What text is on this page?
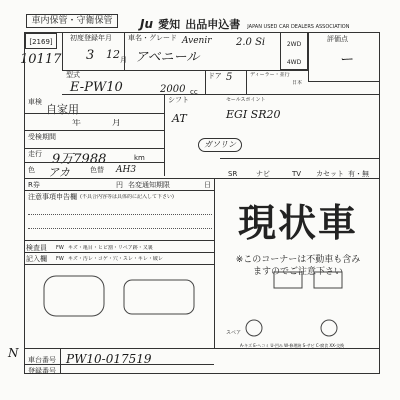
車内保管・守衛保管	Ju 愛知 出品申込書 JAPAN USED CAR DEALERS ASSOCIATION
[2169]
10117
初度登録年月
3 12 月
車名・グレード Avenir
アベニール
2.0 Si	2WD
4WD
評価点
ー
型式
E-PW10	2000 cc
ドア 5	ディーラー・並行
日本
車検
自家用
年	月
受検期間
走行 9万7988	km
色 アカ	色替 AH3
シフト
AT
セールスポイント
EGI SR20
ガソリン
SR	ナビ	TV カセット 有・無
R券	円 名変通知期限	日
注意事項申告欄 (不具合内容等は具体的に記入して下さい)
検査員
記入欄
FW キズ・亀目・ヒビ割・リペア跡・又裏
FW キズ・汚レ・コゲ・穴・スレ・キレ・破レ
現状車
※このコーナーは不動車も含み
ますのでご注意下さい
スペア
A-キズ E-ヘコミ U-凹み W-修理跡 S-サビ C-腐食 XX-交換
車台番号 PW10-017519
登録番号
N
